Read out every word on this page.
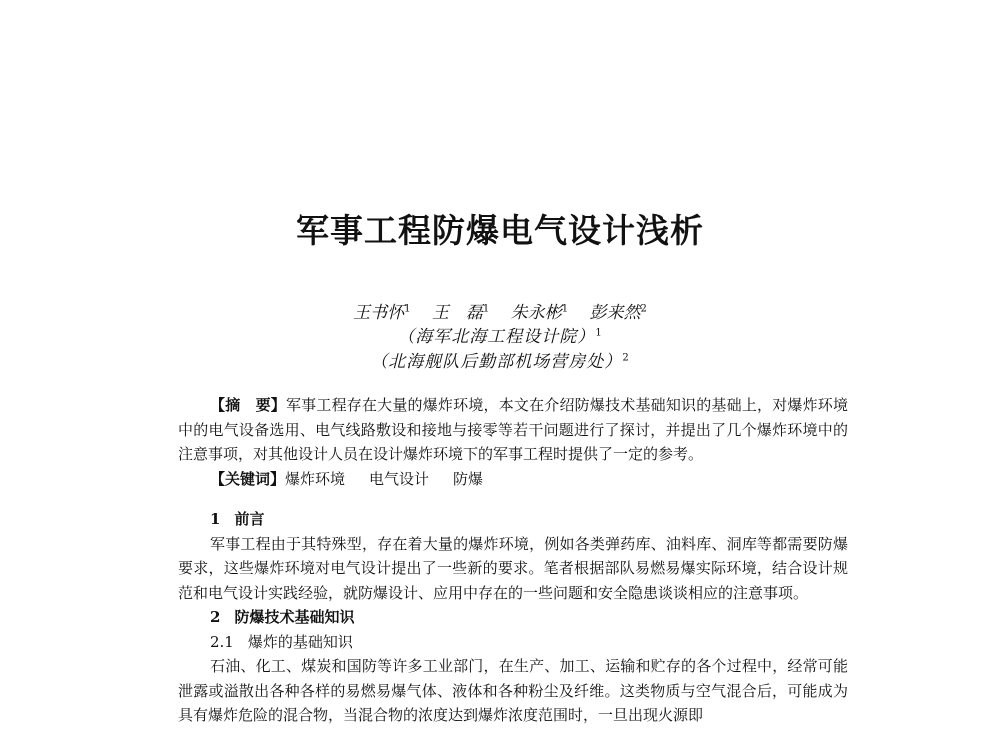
军事工程防爆电气设计浅析
王书怀$^1$ 王　磊$^1$ 朱永彬$^1$ 彭来然$^2$
（海军北海工程设计院）$^1$
（北海舰队后勤部机场营房处）$^2$

【摘　要】军事工程存在大量的爆炸环境，本文在介绍防爆技术基础知识的基础上，对爆炸环境中的电气设备选用、电气线路敷设和接地与接零等若干问题进行了探讨，并提出了几个爆炸环境中的注意事项，对其他设计人员在设计爆炸环境下的军事工程时提供了一定的参考。

【关键词】爆炸环境 电气设计 防爆

1 前言

军事工程由于其特殊型，存在着大量的爆炸环境，例如各类弹药库、油料库、洞库等都需要防爆要求，这些爆炸环境对电气设计提出了一些新的要求。笔者根据部队易燃易爆实际环境，结合设计规范和电气设计实践经验，就防爆设计、应用中存在的一些问题和安全隐患谈谈相应的注意事项。

2 防爆技术基础知识

2.1 爆炸的基础知识

石油、化工、煤炭和国防等许多工业部门，在生产、加工、运输和贮存的各个过程中，经常可能泄露或溢散出各种各样的易燃易爆气体、液体和各种粉尘及纤维。这类物质与空气混合后，可能成为具有爆炸危险的混合物，当混合物的浓度达到爆炸浓度范围时，一旦出现火源即
